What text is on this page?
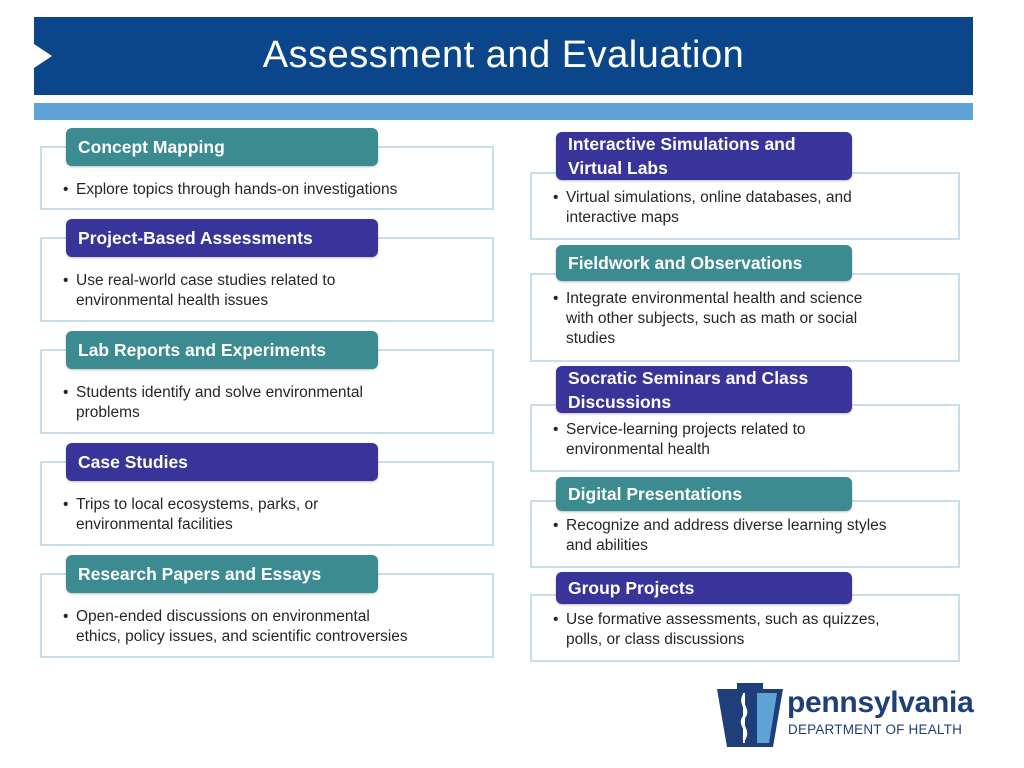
Assessment and Evaluation
• Explore topics through hands-on investigations
Concept Mapping
• Use real-world case studies related to
environmental health issues
Project-Based Assessments
• Students identify and solve environmental
problems
Lab Reports and Experiments
• Trips to local ecosystems, parks, or
environmental facilities
Case Studies
• Open-ended discussions on environmental
ethics, policy issues, and scientific controversies
Research Papers and Essays
• Virtual simulations, online databases, and
interactive maps
Interactive Simulations and
Virtual Labs
• Integrate environmental health and science
with other subjects, such as math or social
studies
Fieldwork and Observations
• Service-learning projects related to
environmental health
Socratic Seminars and Class
Discussions
• Recognize and address diverse learning styles
and abilities
Digital Presentations
• Use formative assessments, such as quizzes,
polls, or class discussions
Group Projects
pennsylvania
DEPARTMENT OF HEALTH
